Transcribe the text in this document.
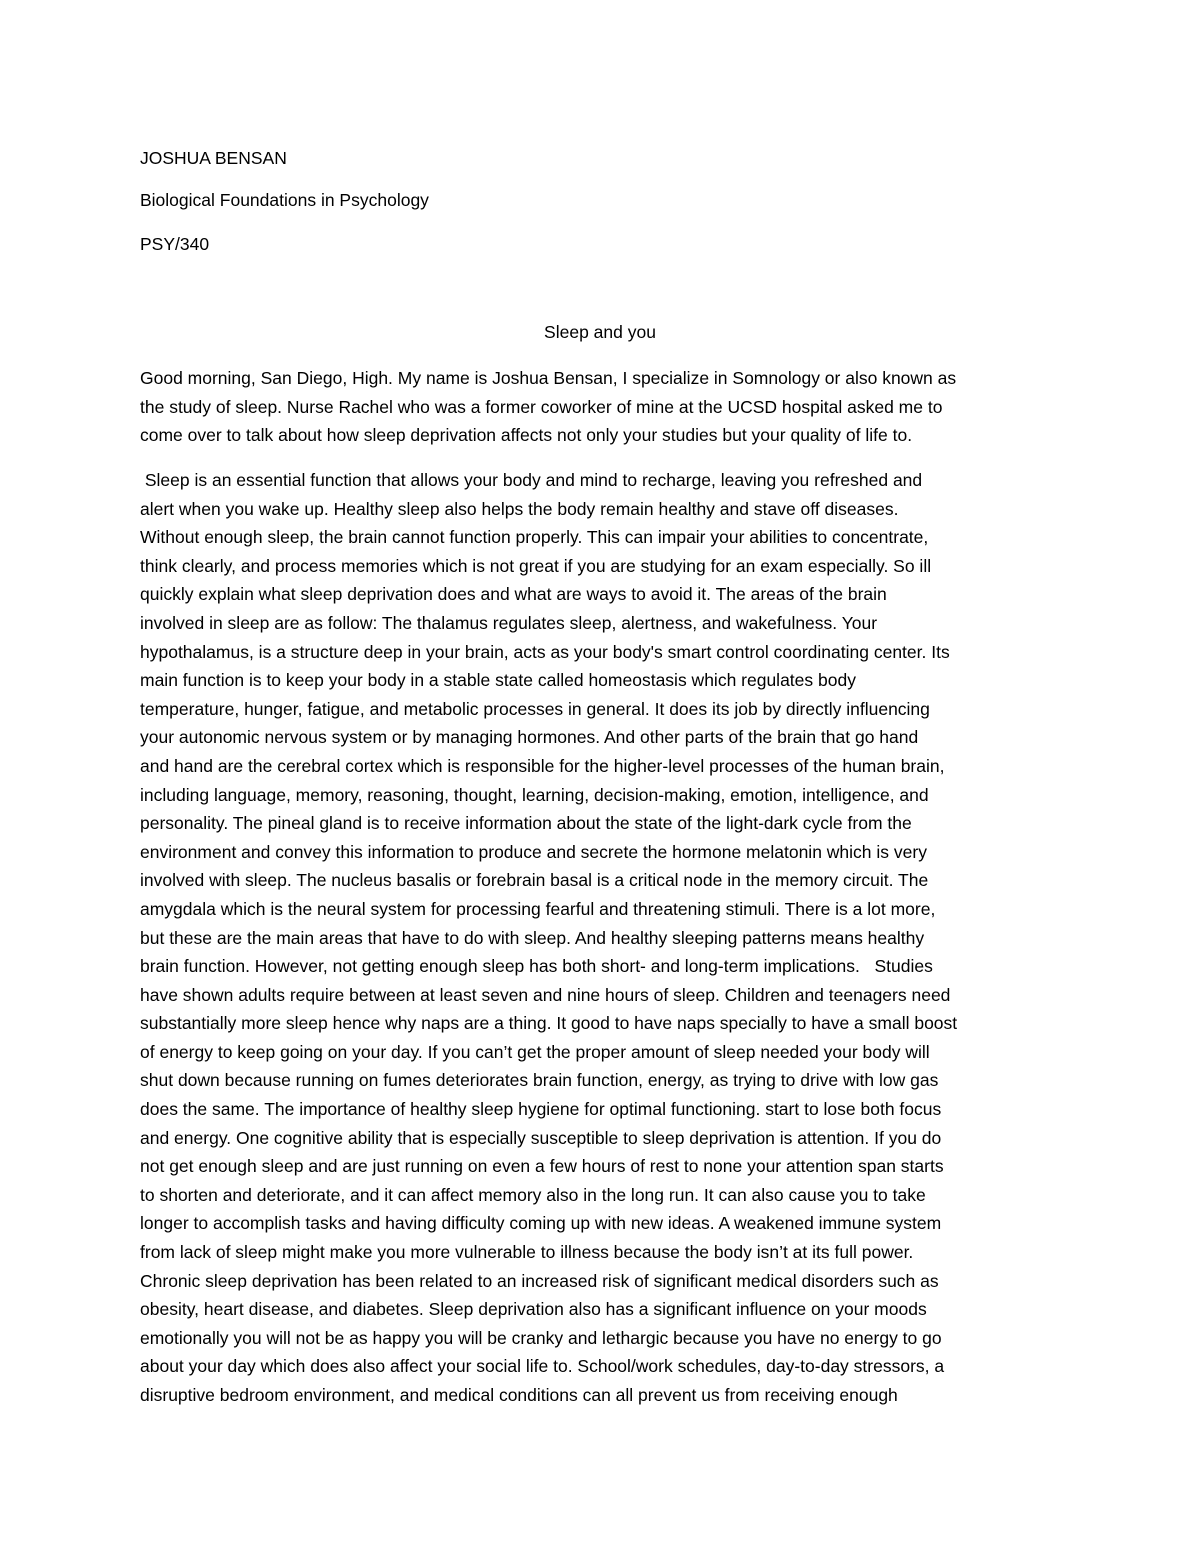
JOSHUA BENSAN

Biological Foundations in Psychology

PSY/340

Sleep and you

Good morning, San Diego, High. My name is Joshua Bensan, I specialize in Somnology or also known as
the study of sleep. Nurse Rachel who was a former coworker of mine at the UCSD hospital asked me to
come over to talk about how sleep deprivation affects not only your studies but your quality of life to.
Sleep is an essential function that allows your body and mind to recharge, leaving you refreshed and
alert when you wake up. Healthy sleep also helps the body remain healthy and stave off diseases.
Without enough sleep, the brain cannot function properly. This can impair your abilities to concentrate,
think clearly, and process memories which is not great if you are studying for an exam especially. So ill
quickly explain what sleep deprivation does and what are ways to avoid it. The areas of the brain
involved in sleep are as follow: The thalamus regulates sleep, alertness, and wakefulness. Your
hypothalamus, is a structure deep in your brain, acts as your body's smart control coordinating center. Its
main function is to keep your body in a stable state called homeostasis which regulates body
temperature, hunger, fatigue, and metabolic processes in general. It does its job by directly influencing
your autonomic nervous system or by managing hormones. And other parts of the brain that go hand
and hand are the cerebral cortex which is responsible for the higher-level processes of the human brain,
including language, memory, reasoning, thought, learning, decision-making, emotion, intelligence, and
personality. The pineal gland is to receive information about the state of the light-dark cycle from the
environment and convey this information to produce and secrete the hormone melatonin which is very
involved with sleep. The nucleus basalis or forebrain basal is a critical node in the memory circuit. The
amygdala which is the neural system for processing fearful and threatening stimuli. There is a lot more,
but these are the main areas that have to do with sleep. And healthy sleeping patterns means healthy
brain function. However, not getting enough sleep has both short- and long-term implications.   Studies
have shown adults require between at least seven and nine hours of sleep. Children and teenagers need
substantially more sleep hence why naps are a thing. It good to have naps specially to have a small boost
of energy to keep going on your day. If you can’t get the proper amount of sleep needed your body will
shut down because running on fumes deteriorates brain function, energy, as trying to drive with low gas
does the same. The importance of healthy sleep hygiene for optimal functioning. start to lose both focus
and energy. One cognitive ability that is especially susceptible to sleep deprivation is attention. If you do
not get enough sleep and are just running on even a few hours of rest to none your attention span starts
to shorten and deteriorate, and it can affect memory also in the long run. It can also cause you to take
longer to accomplish tasks and having difficulty coming up with new ideas. A weakened immune system
from lack of sleep might make you more vulnerable to illness because the body isn’t at its full power.
Chronic sleep deprivation has been related to an increased risk of significant medical disorders such as
obesity, heart disease, and diabetes. Sleep deprivation also has a significant influence on your moods
emotionally you will not be as happy you will be cranky and lethargic because you have no energy to go
about your day which does also affect your social life to. School/work schedules, day-to-day stressors, a
disruptive bedroom environment, and medical conditions can all prevent us from receiving enough
